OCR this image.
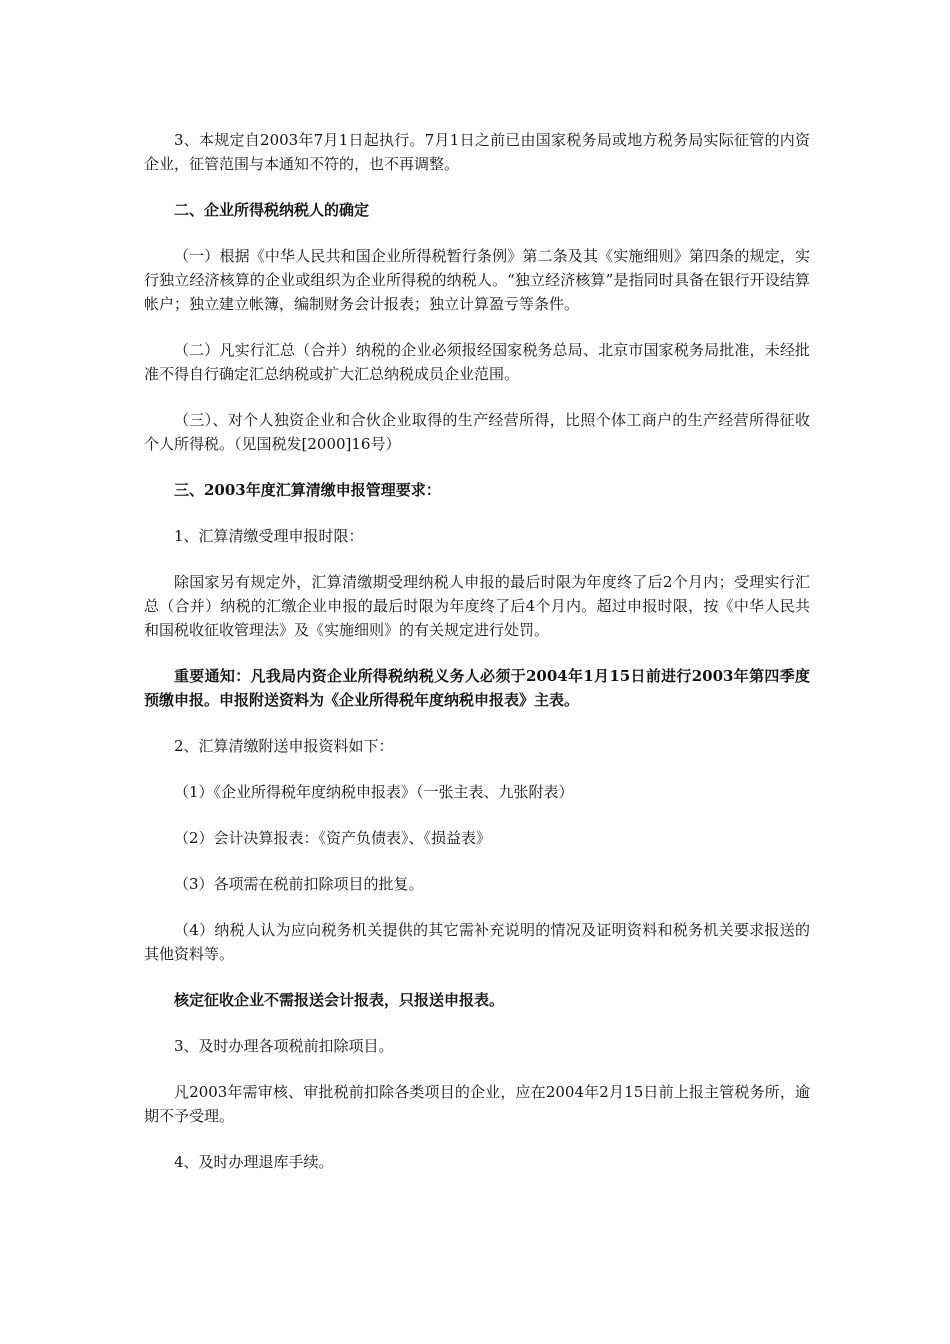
3、本规定自2003年7月1日起执行。7月1日之前已由国家税务局或地方税务局实际征管的内资企业，征管范围与本通知不符的，也不再调整。

二、企业所得税纳税人的确定

（一）根据《中华人民共和国企业所得税暂行条例》第二条及其《实施细则》第四条的规定，实行独立经济核算的企业或组织为企业所得税的纳税人。“独立经济核算”是指同时具备在银行开设结算帐户；独立建立帐簿，编制财务会计报表；独立计算盈亏等条件。

（二）凡实行汇总（合并）纳税的企业必须报经国家税务总局、北京市国家税务局批准，未经批准不得自行确定汇总纳税或扩大汇总纳税成员企业范围。

（三）、对个人独资企业和合伙企业取得的生产经营所得，比照个体工商户的生产经营所得征收个人所得税。（见国税发[2000]16号）

三、2003年度汇算清缴申报管理要求：

1、汇算清缴受理申报时限：

除国家另有规定外，汇算清缴期受理纳税人申报的最后时限为年度终了后2个月内；受理实行汇总（合并）纳税的汇缴企业申报的最后时限为年度终了后4个月内。超过申报时限，按《中华人民共和国税收征收管理法》及《实施细则》的有关规定进行处罚。

重要通知：凡我局内资企业所得税纳税义务人必须于2004年1月15日前进行2003年第四季度预缴申报。申报附送资料为《企业所得税年度纳税申报表》主表。

2、汇算清缴附送申报资料如下：

（1）《企业所得税年度纳税申报表》（一张主表、九张附表）

（2）会计决算报表：《资产负债表》、《损益表》

（3）各项需在税前扣除项目的批复。

（4）纳税人认为应向税务机关提供的其它需补充说明的情况及证明资料和税务机关要求报送的其他资料等。

核定征收企业不需报送会计报表，只报送申报表。

3、及时办理各项税前扣除项目。

凡2003年需审核、审批税前扣除各类项目的企业，应在2004年2月15日前上报主管税务所，逾期不予受理。

4、及时办理退库手续。
